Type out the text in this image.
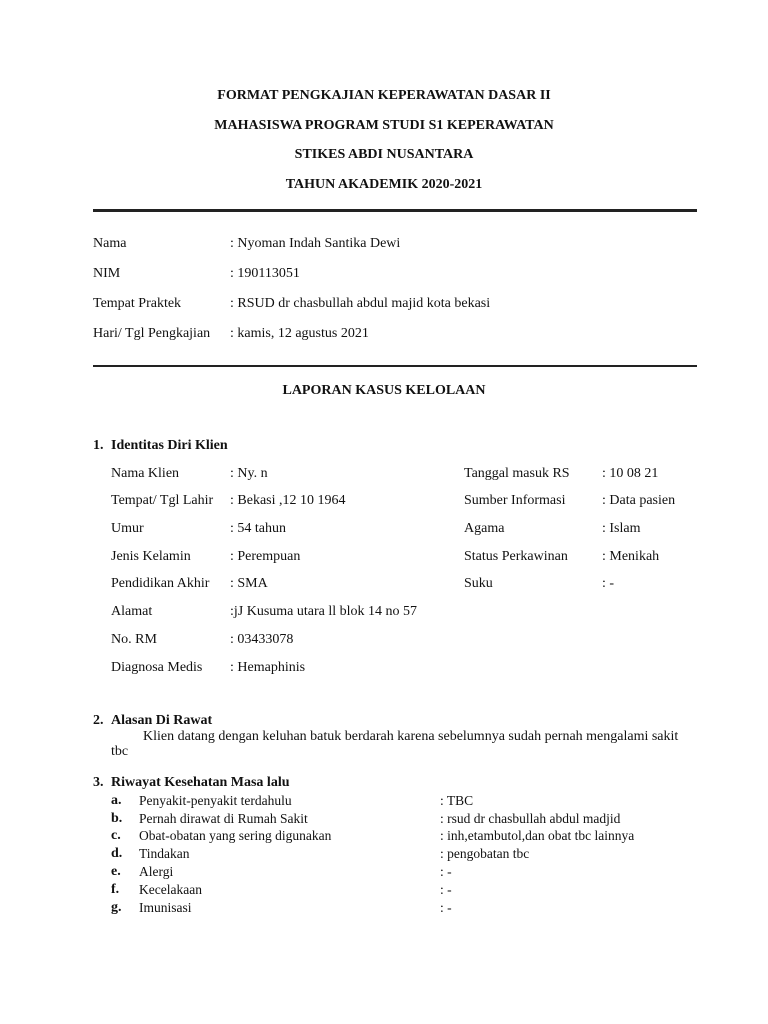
FORMAT PENGKAJIAN KEPERAWATAN DASAR II
MAHASISWA PROGRAM STUDI S1 KEPERAWATAN
STIKES ABDI NUSANTARA
TAHUN AKADEMIK 2020-2021
Nama	: Nyoman Indah Santika Dewi
NIM	: 190113051
Tempat Praktek	: RSUD dr chasbullah abdul majid kota bekasi
Hari/ Tgl Pengkajian : kamis, 12 agustus 2021
LAPORAN KASUS KELOLAAN
1. Identitas Diri Klien
Nama Klien	: Ny. n
Tempat/ Tgl Lahir : Bekasi ,12 10 1964
Umur	: 54 tahun
Jenis Kelamin	: Perempuan
Pendidikan Akhir : SMA
Alamat	:jJ Kusuma utara ll blok 14 no 57
No. RM	: 03433078
Diagnosa Medis : Hemaphinis
Tanggal masuk RS : 10 08 21
Sumber Informasi	: Data pasien
Agama	: Islam
Status Perkawinan : Menikah
Suku	: -
2. Alasan Di Rawat
Klien datang dengan keluhan batuk berdarah karena sebelumnya sudah pernah mengalami sakit
tbc
3. Riwayat Kesehatan Masa lalu
a. Penyakit-penyakit terdahulu	: TBC
b. Pernah dirawat di Rumah Sakit	: rsud dr chasbullah abdul madjid
c. Obat-obatan yang sering digunakan	: inh,etambutol,dan obat tbc lainnya
d. Tindakan	: pengobatan tbc
e. Alergi	: -
f. Kecelakaan	: -
g. Imunisasi	: -
